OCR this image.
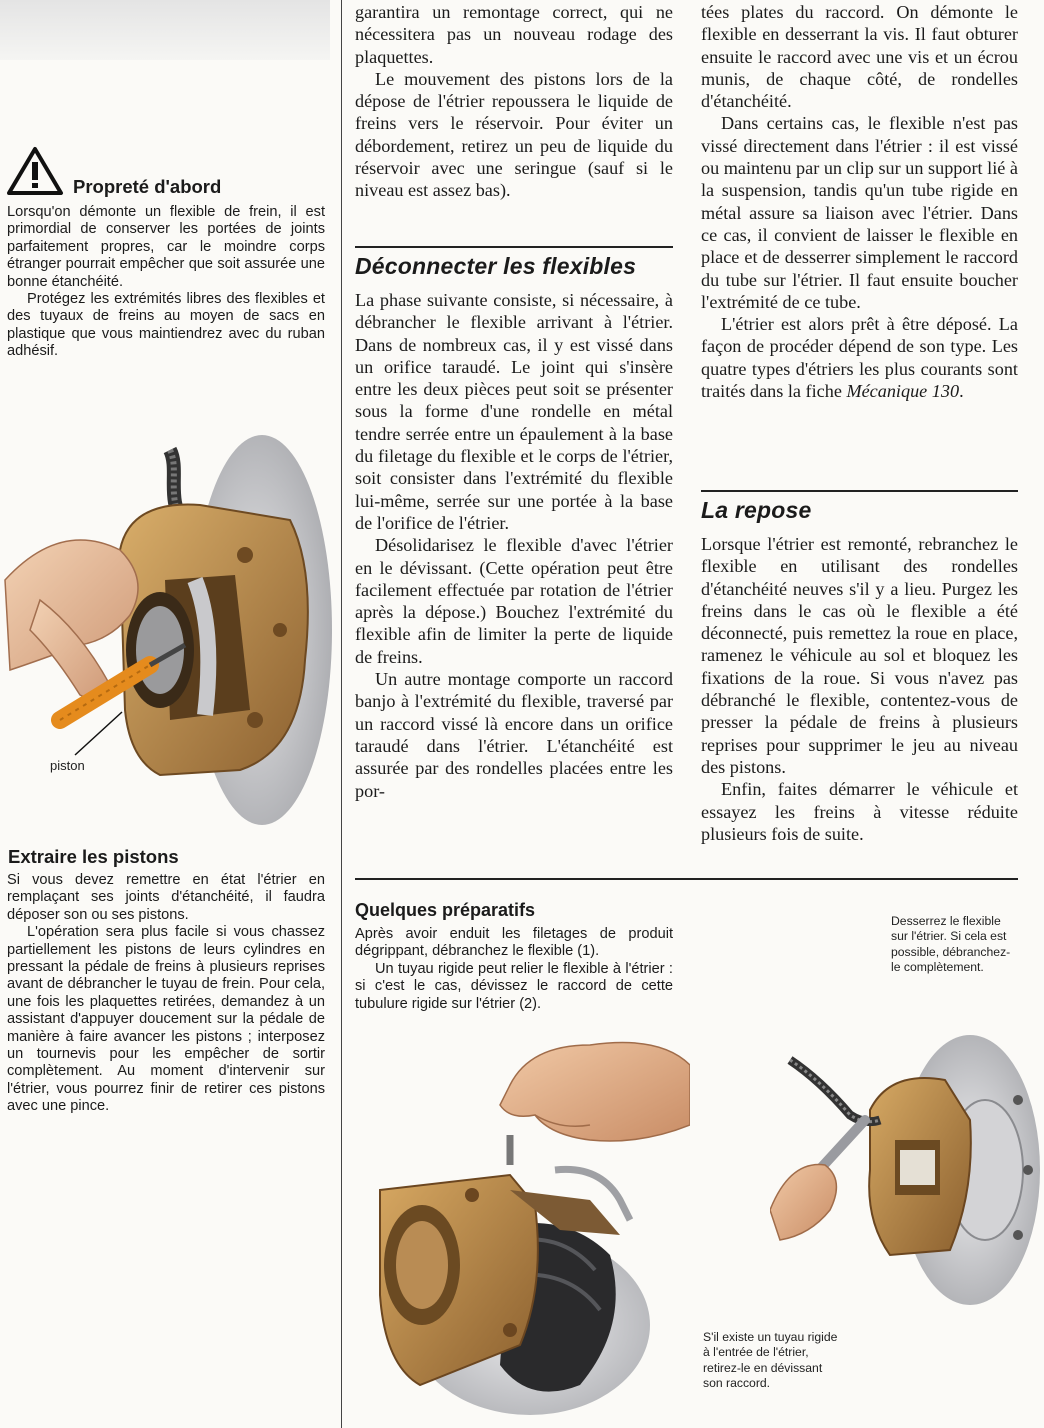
Propreté d'abord

Lorsqu'on démonte un flexible de frein, il est primordial de conserver les portées de joints parfaitement propres, car le moindre corps étranger pourrait empêcher que soit assurée une bonne étanchéité.

Protégez les extrémités libres des flexibles et des tuyaux de freins au moyen de sacs en plastique que vous maintiendrez avec du ruban adhésif.

piston
Extraire les pistons

Si vous devez remettre en état l'étrier en remplaçant ses joints d'étanchéité, il faudra déposer son ou ses pistons.

L'opération sera plus facile si vous chassez partiellement les pistons de leurs cylindres en pressant la pédale de freins à plusieurs reprises avant de débrancher le tuyau de frein. Pour cela, une fois les plaquettes retirées, demandez à un assistant d'appuyer doucement sur la pédale de manière à faire avancer les pistons ; interposez un tournevis pour les empêcher de sortir complètement. Au moment d'intervenir sur l'étrier, vous pourrez finir de retirer ces pistons avec une pince.

garantira un remontage correct, qui ne nécessitera pas un nouveau rodage des plaquettes.

Le mouvement des pistons lors de la dépose de l'étrier repoussera le liquide de freins vers le réservoir. Pour éviter un débordement, retirez un peu de liquide du réservoir avec une seringue (sauf si le niveau est assez bas).

Déconnecter les flexibles

La phase suivante consiste, si nécessaire, à débrancher le flexible arrivant à l'étrier. Dans de nombreux cas, il y est vissé dans un orifice taraudé. Le joint qui s'insère entre les deux pièces peut soit se présenter sous la forme d'une rondelle en métal tendre serrée entre un épaulement à la base du filetage du flexible et le corps de l'étrier, soit consister dans l'extrémité du flexible lui-même, serrée sur une portée à la base de l'orifice de l'étrier.

Désolidarisez le flexible d'avec l'étrier en le dévissant. (Cette opération peut être facilement effectuée par rotation de l'étrier après la dépose.) Bouchez l'extrémité du flexible afin de limiter la perte de liquide de freins.

Un autre montage comporte un raccord banjo à l'extrémité du flexible, traversé par un raccord vissé là encore dans un orifice taraudé dans l'étrier. L'étanchéité est assurée par des rondelles placées entre les por-

tées plates du raccord. On démonte le flexible en desserrant la vis. Il faut obturer ensuite le raccord avec une vis et un écrou munis, de chaque côté, de rondelles d'étanchéité.

Dans certains cas, le flexible n'est pas vissé directement dans l'étrier : il est vissé ou maintenu par un clip sur un support lié à la suspension, tandis qu'un tube rigide en métal assure sa liaison avec l'étrier. Dans ce cas, il convient de laisser le flexible en place et de desserrer simplement le raccord du tube sur l'étrier. Il faut ensuite boucher l'extrémité de ce tube.

L'étrier est alors prêt à être déposé. La façon de procéder dépend de son type. Les quatre types d'étriers les plus courants sont traités dans la fiche Mécanique 130.

La repose

Lorsque l'étrier est remonté, rebranchez le flexible en utilisant des rondelles d'étanchéité neuves s'il y a lieu. Purgez les freins dans le cas où le flexible a été déconnecté, puis remettez la roue en place, ramenez le véhicule au sol et bloquez les fixations de la roue. Si vous n'avez pas débranché le flexible, contentez-vous de presser la pédale de freins à plusieurs reprises pour supprimer le jeu au niveau des pistons.

Enfin, faites démarrer le véhicule et essayez les freins à vitesse réduite plusieurs fois de suite.

Quelques préparatifs

Après avoir enduit les filetages de produit dégrippant, débranchez le flexible (1).

Un tuyau rigide peut relier le flexible à l'étrier : si c'est le cas, dévissez le raccord de cette tubulure rigide sur l'étrier (2).

Desserrez le flexible sur l'étrier. Si cela est possible, débranchez-le complètement.
S'il existe un tuyau rigide à l'entrée de l'étrier, retirez-le en dévissant son raccord.
